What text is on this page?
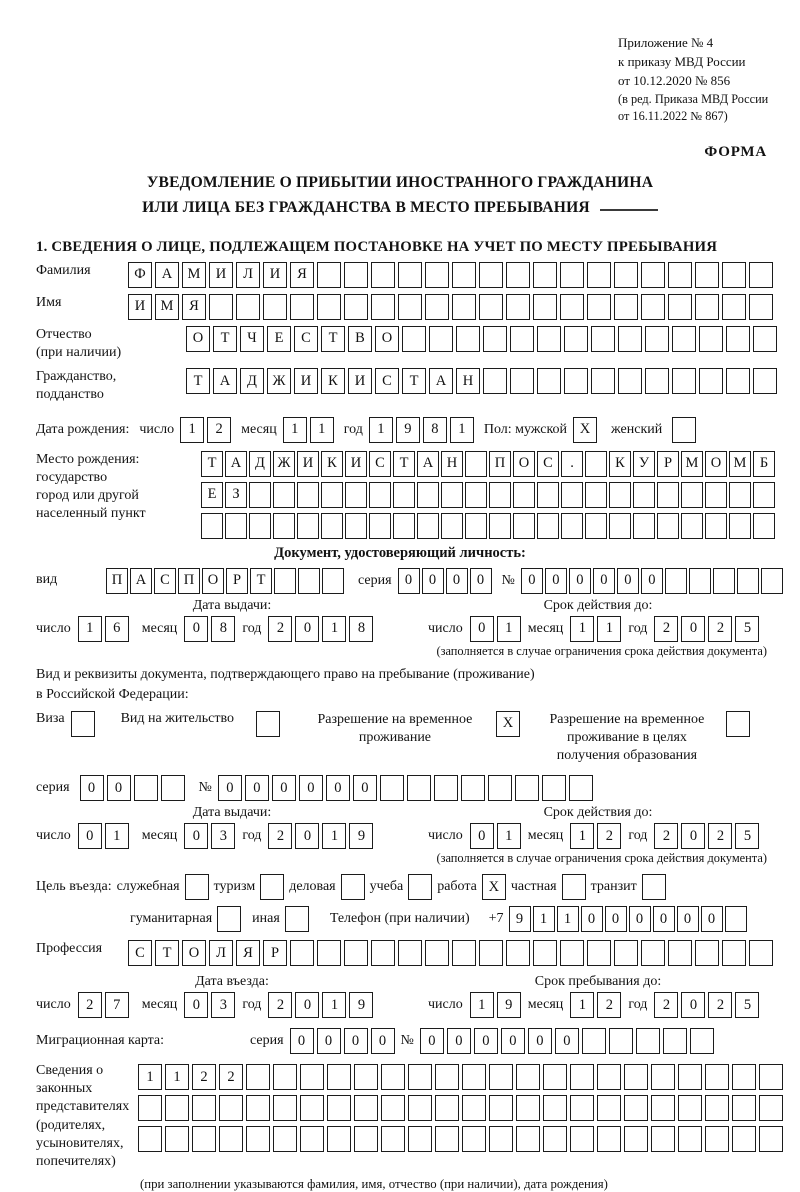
Приложение № 4
к приказу МВД России
от 10.12.2020 № 856
(в ред. Приказа МВД России
от 16.11.2022 № 867)
ФОРМА
УВЕДОМЛЕНИЕ О ПРИБЫТИИ ИНОСТРАННОГО ГРАЖДАНИНА
ИЛИ ЛИЦА БЕЗ ГРАЖДАНСТВА В МЕСТО ПРЕБЫВАНИЯ
1. СВЕДЕНИЯ О ЛИЦЕ, ПОДЛЕЖАЩЕМ ПОСТАНОВКЕ НА УЧЕТ ПО МЕСТУ ПРЕБЫВАНИЯ
Фамилия	Ф	А	М	И	Л	И	Я
Имя	И	М	Я
Отчество
(при наличии)
О	Т	Ч	Е	С	Т	В	О
Гражданство,
подданство
Т	А	Д	Ж	И	К	И	С	Т	А	Н
Дата рождения: число 1	2	месяц 1	1	год 1	9	8	1	Пол: мужской X	женский
Место рождения:
государство
город или другой
населенный пункт
Т А Д Ж И К И С	Т А Н	П О С	.	К У	Р М О М Б
Е	З
Документ, удостоверяющий личность:
вид	П А С П О	Р	Т	серия 0	0	0	0	№ 0	0	0	0	0	0
Дата выдачи:
число	1	6	месяц	0	8	год	2	0	1	8
Срок действия до:
число	0	1	месяц	1	1	год	2	0	2	5
(заполняется в случае ограничения срока действия документа)
Вид и реквизиты документа, подтверждающего право на пребывание (проживание)
в Российской Федерации:
Виза	Вид на жительство	Разрешение на временное
проживание
X	Разрешение на временное
проживание в целях
получения образования
серия	0	0	№ 0	0	0	0	0	0
Дата выдачи:
число	0	1	месяц	0	3	год	2	0	1	9
Срок действия до:
число	0	1	месяц	1	2	год	2	0	2	5
(заполняется в случае ограничения срока действия документа)
Цель въезда: служебная туризм деловая учеба работа X частная транзит
гуманитарная	иная	Телефон (при наличии) +7 9	1	1	0	0	0	0	0	0
Профессия	С	Т	О	Л	Я	Р
Дата въезда:
число	2	7	месяц	0	3	год	2	0	1	9
Срок пребывания до:
число	1	9	месяц	1	2	год	2	0	2	5
Миграционная карта:	серия 0	0	0	0	№ 0	0	0	0	0	0
Сведения о
законных
представителях
(родителях,
усыновителях,
попечителях)
1	1	2	2
(при заполнении указываются фамилия, имя, отчество (при наличии), дата рождения)
